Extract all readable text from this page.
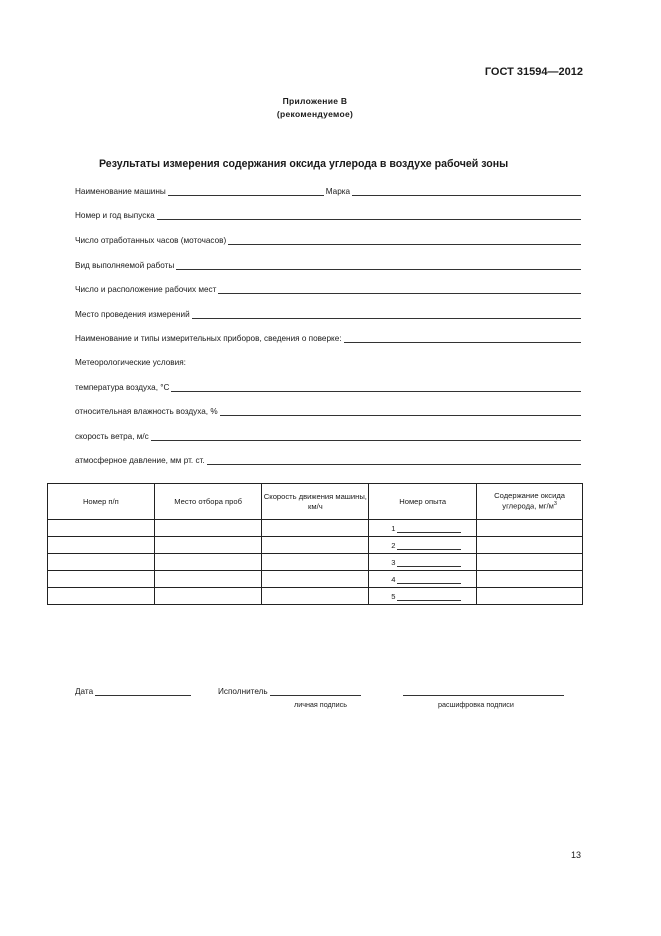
ГОСТ 31594—2012
Приложение В
(рекомендуемое)
Результаты измерения содержания оксида углерода в воздухе рабочей зоны
Наименование машины	Марка
Номер и год выпуска
Число отработанных часов (моточасов)
Вид выполняемой работы
Число и расположение рабочих мест
Место проведения измерений
Наименование и типы измерительных приборов, сведения о поверке:
Метеорологические условия:
температура воздуха, °С
относительная влажность воздуха, %
скорость ветра, м/с
атмосферное давление, мм рт. ст.
Номер п/п	Место отбора проб	Скорость движения машины, км/ч	Номер опыта	Содержание оксида углерода, $мг/м^3$

			1	

			2	

			3	

			4	

			5	

Дата	Исполнитель
личная подпись	расшифровка подписи
13
